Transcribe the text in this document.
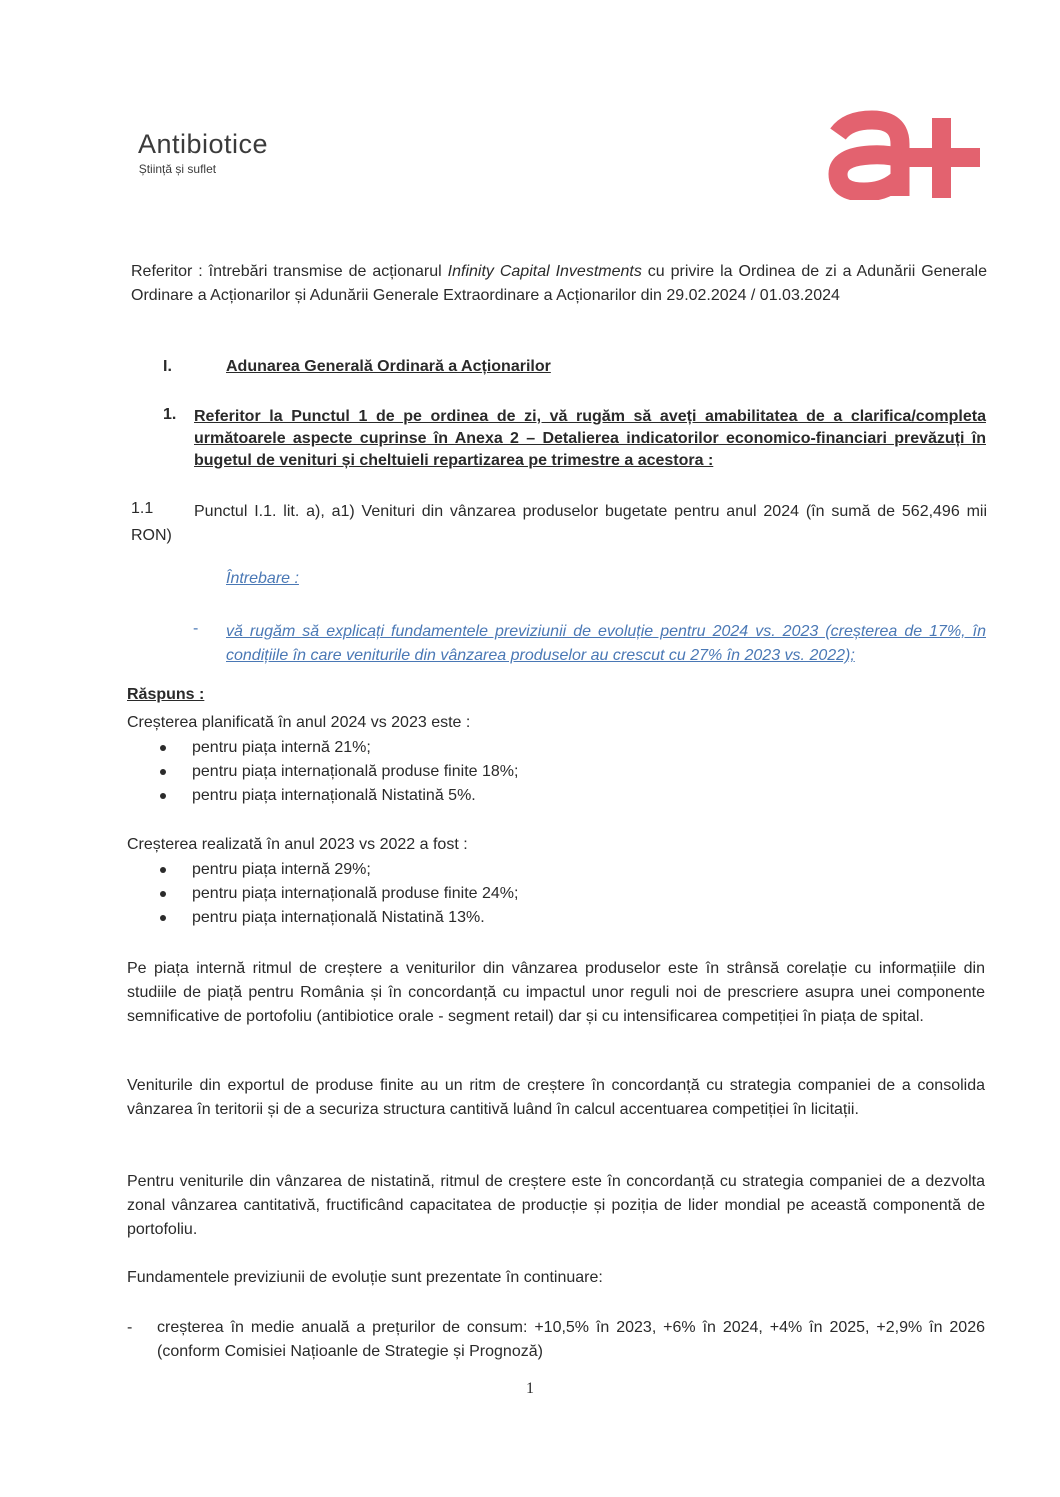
Antibiotice
Știință și suflet
Referitor : întrebări transmise de acționarul Infinity Capital Investments cu privire la Ordinea de zi a Adunării Generale Ordinare a Acționarilor și Adunării Generale Extraordinare a Acționarilor din 29.02.2024 / 01.03.2024
I.	Adunarea Generală Ordinară a Acționarilor
1. Referitor la Punctul 1 de pe ordinea de zi, vă rugăm să aveți amabilitatea de a clarifica/completa următoarele aspecte cuprinse în Anexa 2 – Detalierea indicatorilor economico-financiari prevăzuți în bugetul de venituri și cheltuieli repartizarea pe trimestre a acestora :
1.1	Punctul I.1. lit. a), a1) Venituri din vânzarea produselor bugetate pentru anul 2024 (în sumă de 562,496 mii RON)
Întrebare :
- vă rugăm să explicați fundamentele previziunii de evoluție pentru 2024 vs. 2023 (creșterea de 17%, în condițiile în care veniturile din vânzarea produselor au crescut cu 27% în 2023 vs. 2022);
Răspuns :
Creșterea planificată în anul 2024 vs 2023 este :
pentru piața internă 21%;
pentru piața internațională produse finite 18%;
pentru piața internațională Nistatină 5%.
Creșterea realizată în anul 2023 vs 2022 a fost :
pentru piața internă 29%;
pentru piața internațională produse finite 24%;
pentru piața internațională Nistatină 13%.
Pe piața internă ritmul de creștere a veniturilor din vânzarea produselor este în strânsă corelație cu informațiile din studiile de piață pentru România și în concordanță cu impactul unor reguli noi de prescriere asupra unei componente semnificative de portofoliu (antibiotice orale - segment retail) dar și cu intensificarea competiției în piața de spital.
Veniturile din exportul de produse finite au un ritm de creștere în concordanță cu strategia companiei de a consolida vânzarea în teritorii și de a securiza structura cantitivă luând în calcul accentuarea competiției în licitații.
Pentru veniturile din vânzarea de nistatină, ritmul de creștere este în concordanță cu strategia companiei de a dezvolta zonal vânzarea cantitativă, fructificând capacitatea de producție și poziția de lider mondial pe această componentă de portofoliu.
Fundamentele previziunii de evoluție sunt prezentate în continuare:
- creșterea în medie anuală a prețurilor de consum: +10,5% în 2023, +6% în 2024, +4% în 2025, +2,9% în 2026 (conform Comisiei Națioanle de Strategie și Prognoză)
1
